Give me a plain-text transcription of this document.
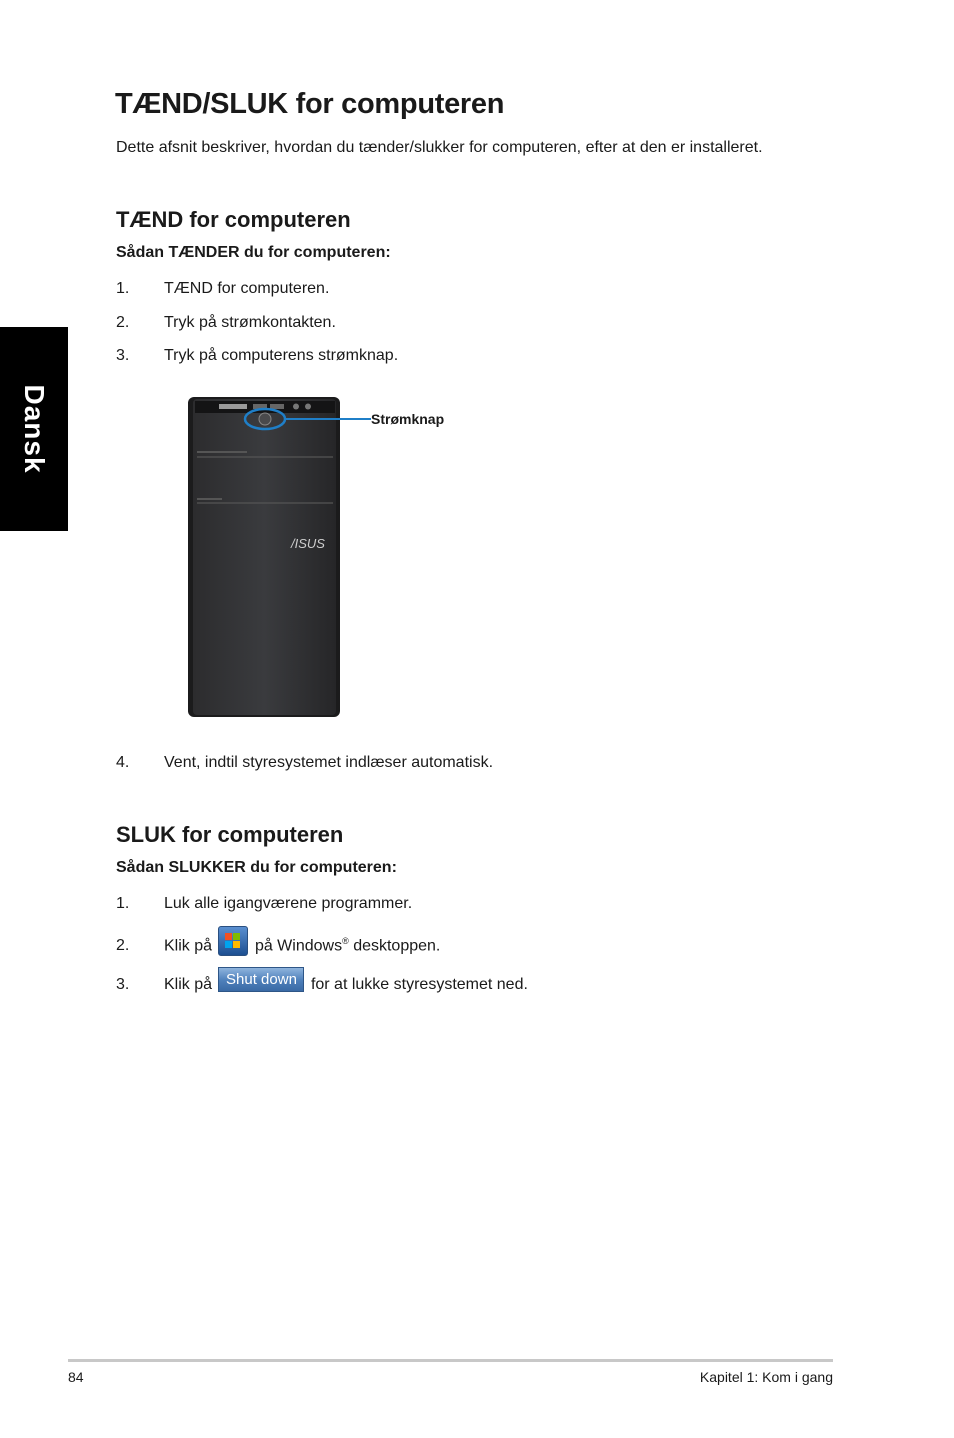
Dansk
TÆND/SLUK for computeren

Dette afsnit beskriver, hvordan du tænder/slukker for computeren, efter at den er installeret.

TÆND for computeren
Sådan TÆNDER du for computeren:
1. TÆND for computeren.
2. Tryk på strømkontakten.
3. Tryk på computerens strømknap.
/ISUS
Strømknap
4. Vent, indtil styresystemet indlæser automatisk.
SLUK for computeren
Sådan SLUKKER du for computeren:
1. Luk alle igangværene programmer.
2. Klik på	på Windows® desktoppen.
3. Klik på Shut down for at lukke styresystemet ned.
84	Kapitel 1: Kom i gang
